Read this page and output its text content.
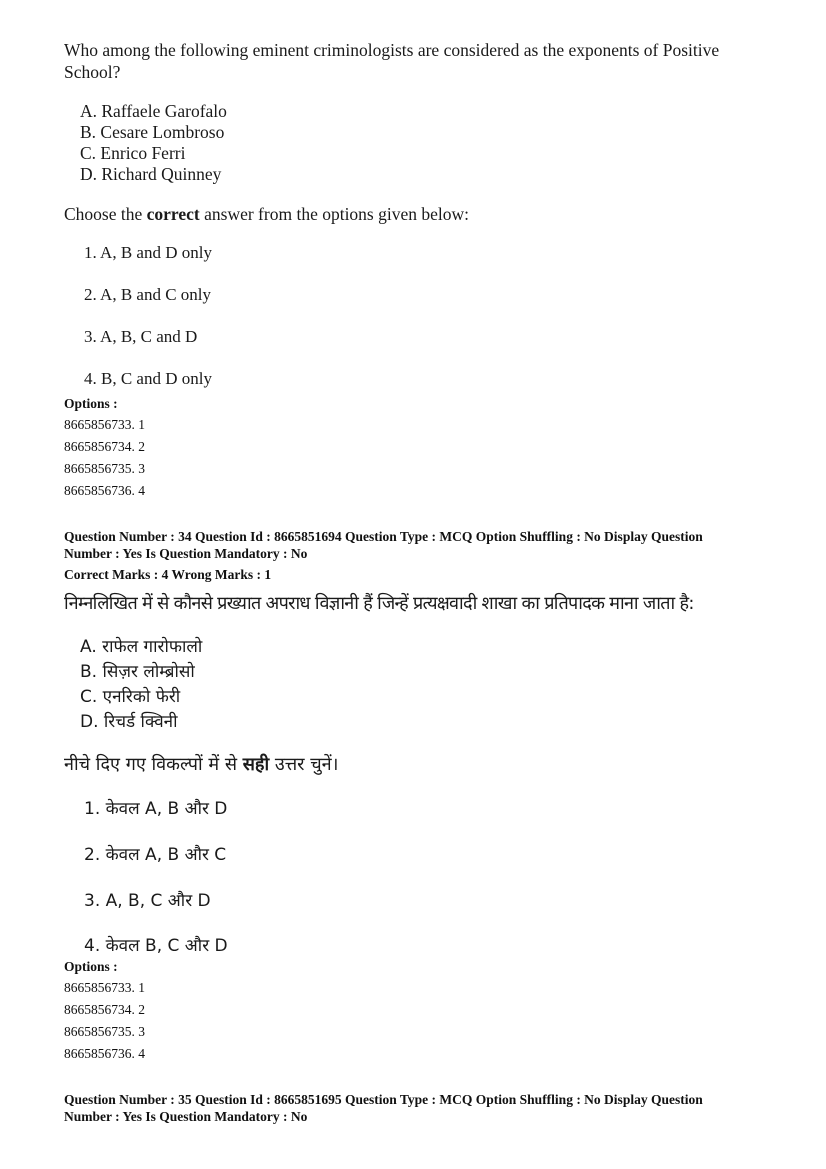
Who among the following eminent criminologists are considered as the exponents of Positive
School?
A. Raffaele Garofalo
B. Cesare Lombroso
C. Enrico Ferri
D. Richard Quinney
Choose the correct answer from the options given below:
1. A, B and D only
2. A, B and C only
3. A, B, C and D
4. B, C and D only
Options :
8665856733. 1
8665856734. 2
8665856735. 3
8665856736. 4
Question Number : 34 Question Id : 8665851694 Question Type : MCQ Option Shuffling : No Display Question
Number : Yes Is Question Mandatory : No
Correct Marks : 4 Wrong Marks : 1
निम्नलिखित में से कौनसे प्रख्यात अपराध विज्ञानी हैं जिन्हें प्रत्यक्षवादी शाखा का प्रतिपादक माना जाता है:
A. राफेल गारोफालो
B. सिज़र लोम्ब्रोसो
C. एनरिको फेरी
D. रिचर्ड क्विनी
नीचे दिए गए विकल्पों में से सही उत्तर चुनें।
1. केवल A, B और D
2. केवल A, B और C
3. A, B, C और D
4. केवल B, C और D
Options :
8665856733. 1
8665856734. 2
8665856735. 3
8665856736. 4
Question Number : 35 Question Id : 8665851695 Question Type : MCQ Option Shuffling : No Display Question
Number : Yes Is Question Mandatory : No
